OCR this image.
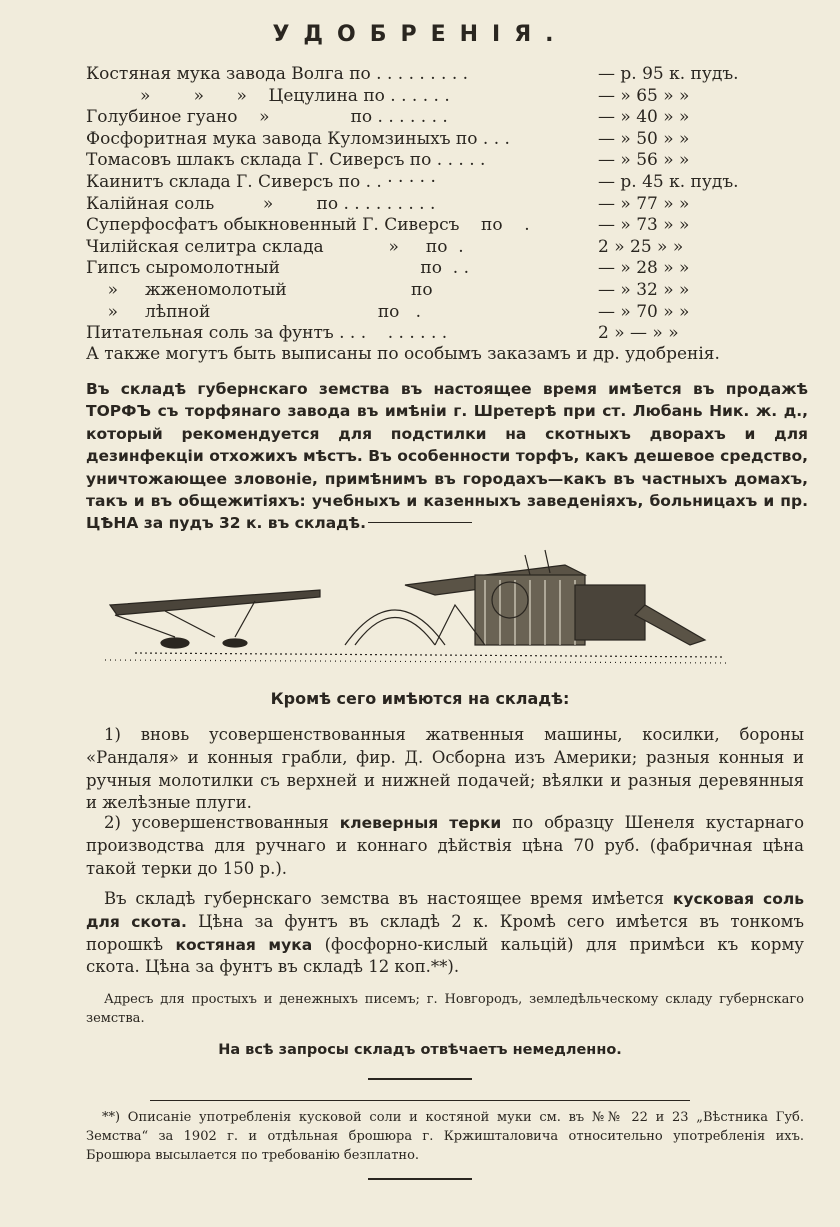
УДОБРЕНІЯ.
Костяная мука завода Волга по . . . . . . . . .	— р. 95 к. пудъ.
»        »      »    Цецулина по . . . . . .	— » 65 » »
Голубиное гуано    »               по . . . . . . .	— » 40 » »
Фосфоритная мука завода Куломзиныхъ по . . .	— » 50 » »
Томасовъ шлакъ склада Г. Сиверсъ по . . . . .	— » 56 » »
Каинитъ склада Г. Сиверсъ по . . · · · · ·	— р. 45 к. пудъ.
Калійная соль         »        по . . . . . . . . .	— » 77 » »
Суперфосфатъ обыкновенный Г. Сиверсъ    по    .	— » 73 » »
Чилійская селитра склада            »     по  .	2 » 25 » »
Гипсъ сыромолотный                          по  . .	— » 28 » »
»     жженомолотый                       по	— » 32 » »
»     лѣпной                               по   .	— » 70 » »
Питательная соль за фунтъ . . .    . . . . . .	2 » — » »
А также могутъ быть выписаны по особымъ заказамъ и др. удобренія.
Въ складѣ губернскаго земства въ настоящее время имѣется въ продажѣ ТОРФЪ съ торфянаго завода въ имѣніи г. Шретерѣ при ст. Любань Ник. ж. д., который рекомендуется для подстилки на скотныхъ дворахъ и для дезинфекціи отхожихъ мѣстъ. Въ особенности торфъ, какъ дешевое средство, уничтожающее зловоніе, примѣнимъ въ городахъ—какъ въ частныхъ домахъ, такъ и въ общежитіяхъ: учебныхъ и казенныхъ заведеніяхъ, больницахъ и пр. ЦѢНА за пудъ 32 к. въ складѣ.
Кромѣ сего имѣются на складѣ:
1) вновь усовершенствованныя жатвенныя машины, косилки, бороны «Рандаля» и конныя грабли, фир. Д. Осборна изъ Америки; разныя конныя и ручныя молотилки съ верхней и нижней подачей; вѣялки и разныя деревянныя и желѣзные плуги.
2) усовершенствованныя клеверныя терки по образцу Шенеля кустарнаго производства для ручнаго и коннаго дѣйствія цѣна 70 руб. (фабричная цѣна такой терки до 150 р.).
Въ складѣ губернскаго земства въ настоящее время имѣется кусковая соль для скота. Цѣна за фунтъ въ складѣ 2 к. Кромѣ сего имѣется въ тонкомъ порошкѣ костяная мука (фосфорно-кислый кальцій) для примѣси къ корму скота. Цѣна за фунтъ въ складѣ 12 коп.**).
Адресъ для простыхъ и денежныхъ писемъ; г. Новгородъ, земледѣльческому складу губернскаго земства.
На всѣ запросы складъ отвѣчаетъ немедленно.
**) Описаніе употребленія кусковой соли и костяной муки см. въ №№ 22 и 23 „Вѣстника Губ. Земства“ за 1902 г. и отдѣльная брошюра г. Кржишталовича относительно употребленія ихъ. Брошюра высылается по требованію безплатно.
